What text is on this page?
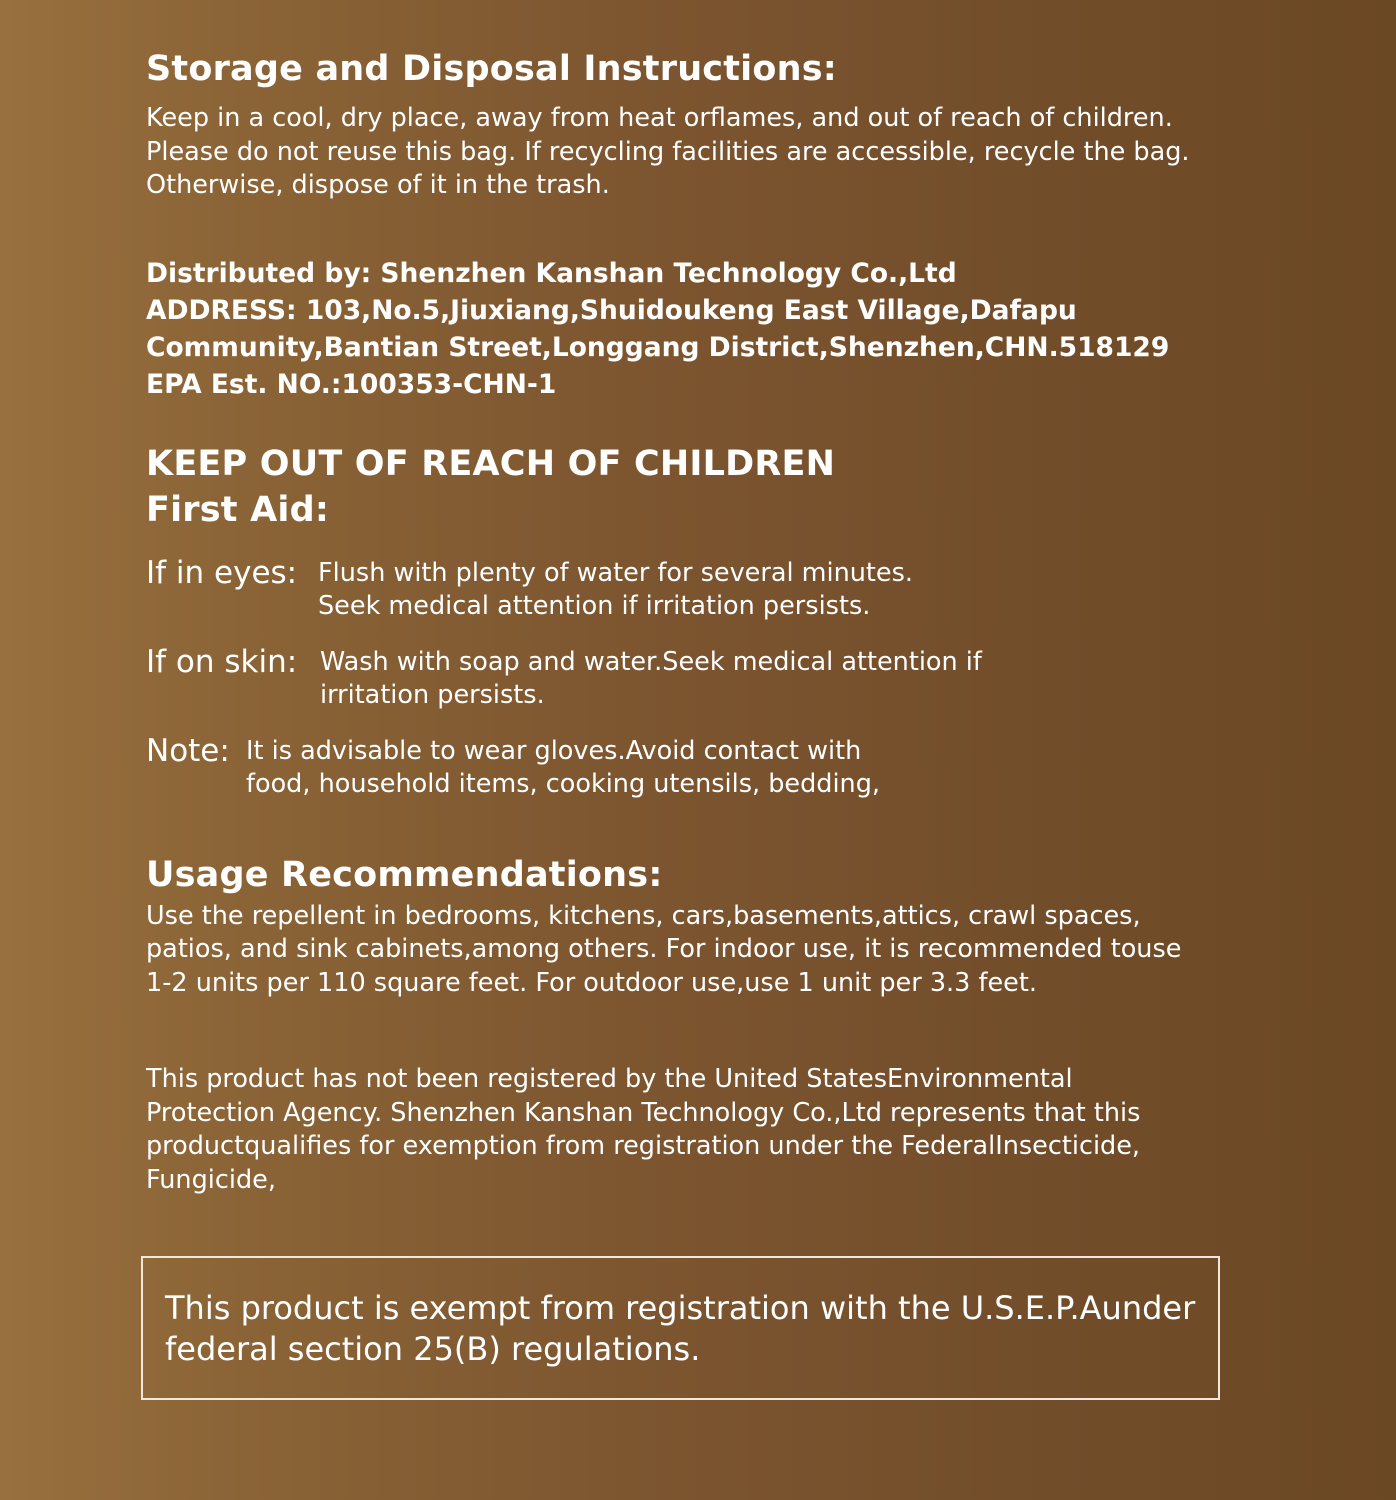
Storage and Disposal Instructions:
Keep in a cool, dry place, away from heat orflames, and out of reach of children.
Please do not reuse this bag. If recycling facilities are accessible, recycle the bag.
Otherwise, dispose of it in the trash.
Distributed by: Shenzhen Kanshan Technology Co.,Ltd
ADDRESS: 103,No.5,Jiuxiang,Shuidoukeng East Village,Dafapu
Community,Bantian Street,Longgang District,Shenzhen,CHN.518129
EPA Est. NO.:100353-CHN-1
KEEP OUT OF REACH OF CHILDREN
First Aid:
If in eyes: Flush with plenty of water for several minutes.
Seek medical attention if irritation persists.
If on skin: Wash with soap and water.Seek medical attention if
irritation persists.
Note: It is advisable to wear gloves.Avoid contact with
food, household items, cooking utensils, bedding,
Usage Recommendations:
Use the repellent in bedrooms, kitchens, cars,basements,attics, crawl spaces,
patios, and sink cabinets,among others. For indoor use, it is recommended touse
1-2 units per 110 square feet. For outdoor use,use 1 unit per 3.3 feet.
This product has not been registered by the United StatesEnvironmental
Protection Agency. Shenzhen Kanshan Technology Co.,Ltd represents that this
productqualifies for exemption from registration under the FederalInsecticide,
Fungicide,
This product is exempt from registration with the U.S.E.P.Aunder
federal section 25(B) regulations.
